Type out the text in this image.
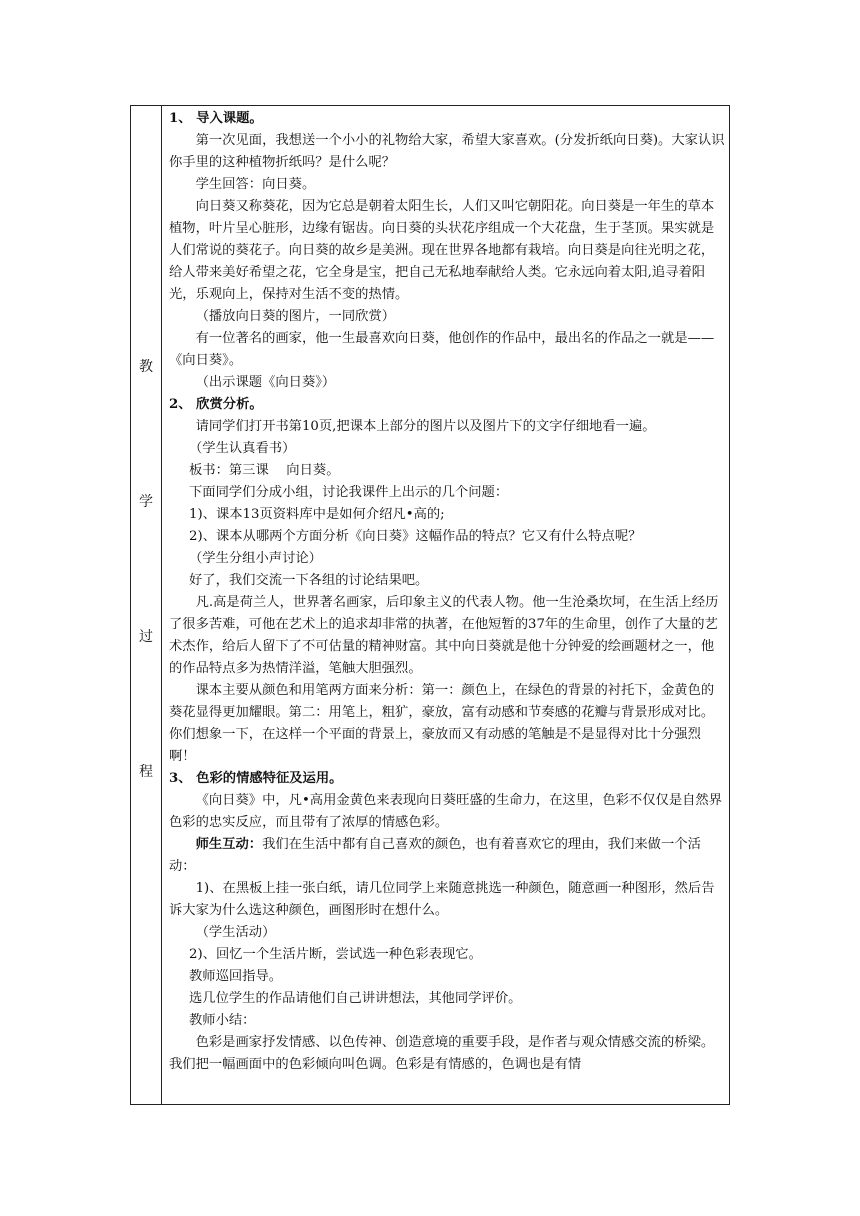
教
学
过
程

1、 导入课题。

第一次见面，我想送一个小小的礼物给大家，希望大家喜欢。(分发折纸向日葵)。大家认识你手里的这种植物折纸吗？是什么呢？

学生回答：向日葵。

向日葵又称葵花，因为它总是朝着太阳生长，人们又叫它朝阳花。向日葵是一年生的草本植物，叶片呈心脏形，边缘有锯齿。向日葵的头状花序组成一个大花盘，生于茎顶。果实就是人们常说的葵花子。向日葵的故乡是美洲。现在世界各地都有栽培。向日葵是向往光明之花，给人带来美好希望之花，它全身是宝，把自己无私地奉献给人类。它永远向着太阳,追寻着阳光，乐观向上，保持对生活不变的热情。

（播放向日葵的图片，一同欣赏）

有一位著名的画家，他一生最喜欢向日葵，他创作的作品中，最出名的作品之一就是——《向日葵》。

（出示课题《向日葵》）

2、 欣赏分析。

请同学们打开书第10页,把课本上部分的图片以及图片下的文字仔细地看一遍。

（学生认真看书）

板书：第三课　 向日葵。

下面同学们分成小组，讨论我课件上出示的几个问题：

1)、课本13页资料库中是如何介绍凡•高的;

2)、课本从哪两个方面分析《向日葵》这幅作品的特点？它又有什么特点呢？

（学生分组小声讨论）

好了，我们交流一下各组的讨论结果吧。

凡.高是荷兰人，世界著名画家，后印象主义的代表人物。他一生沧桑坎坷，在生活上经历了很多苦难，可他在艺术上的追求却非常的执著，在他短暂的37年的生命里，创作了大量的艺术杰作，给后人留下了不可估量的精神财富。其中向日葵就是他十分钟爱的绘画题材之一，他的作品特点多为热情洋溢，笔触大胆强烈。

课本主要从颜色和用笔两方面来分析：第一：颜色上，在绿色的背景的衬托下，金黄色的葵花显得更加耀眼。第二：用笔上，粗犷，豪放，富有动感和节奏感的花瓣与背景形成对比。你们想象一下，在这样一个平面的背景上，豪放而又有动感的笔触是不是显得对比十分强烈啊！

3、 色彩的情感特征及运用。

《向日葵》中，凡•高用金黄色来表现向日葵旺盛的生命力，在这里，色彩不仅仅是自然界色彩的忠实反应，而且带有了浓厚的情感色彩。

师生互动：我们在生活中都有自己喜欢的颜色，也有着喜欢它的理由，我们来做一个活动：

1)、在黑板上挂一张白纸，请几位同学上来随意挑选一种颜色，随意画一种图形，然后告诉大家为什么选这种颜色，画图形时在想什么。

（学生活动）

2)、回忆一个生活片断，尝试选一种色彩表现它。

教师巡回指导。

选几位学生的作品请他们自己讲讲想法，其他同学评价。

教师小结：

色彩是画家抒发情感、以色传神、创造意境的重要手段，是作者与观众情感交流的桥梁。我们把一幅画面中的色彩倾向叫色调。色彩是有情感的，色调也是有情
